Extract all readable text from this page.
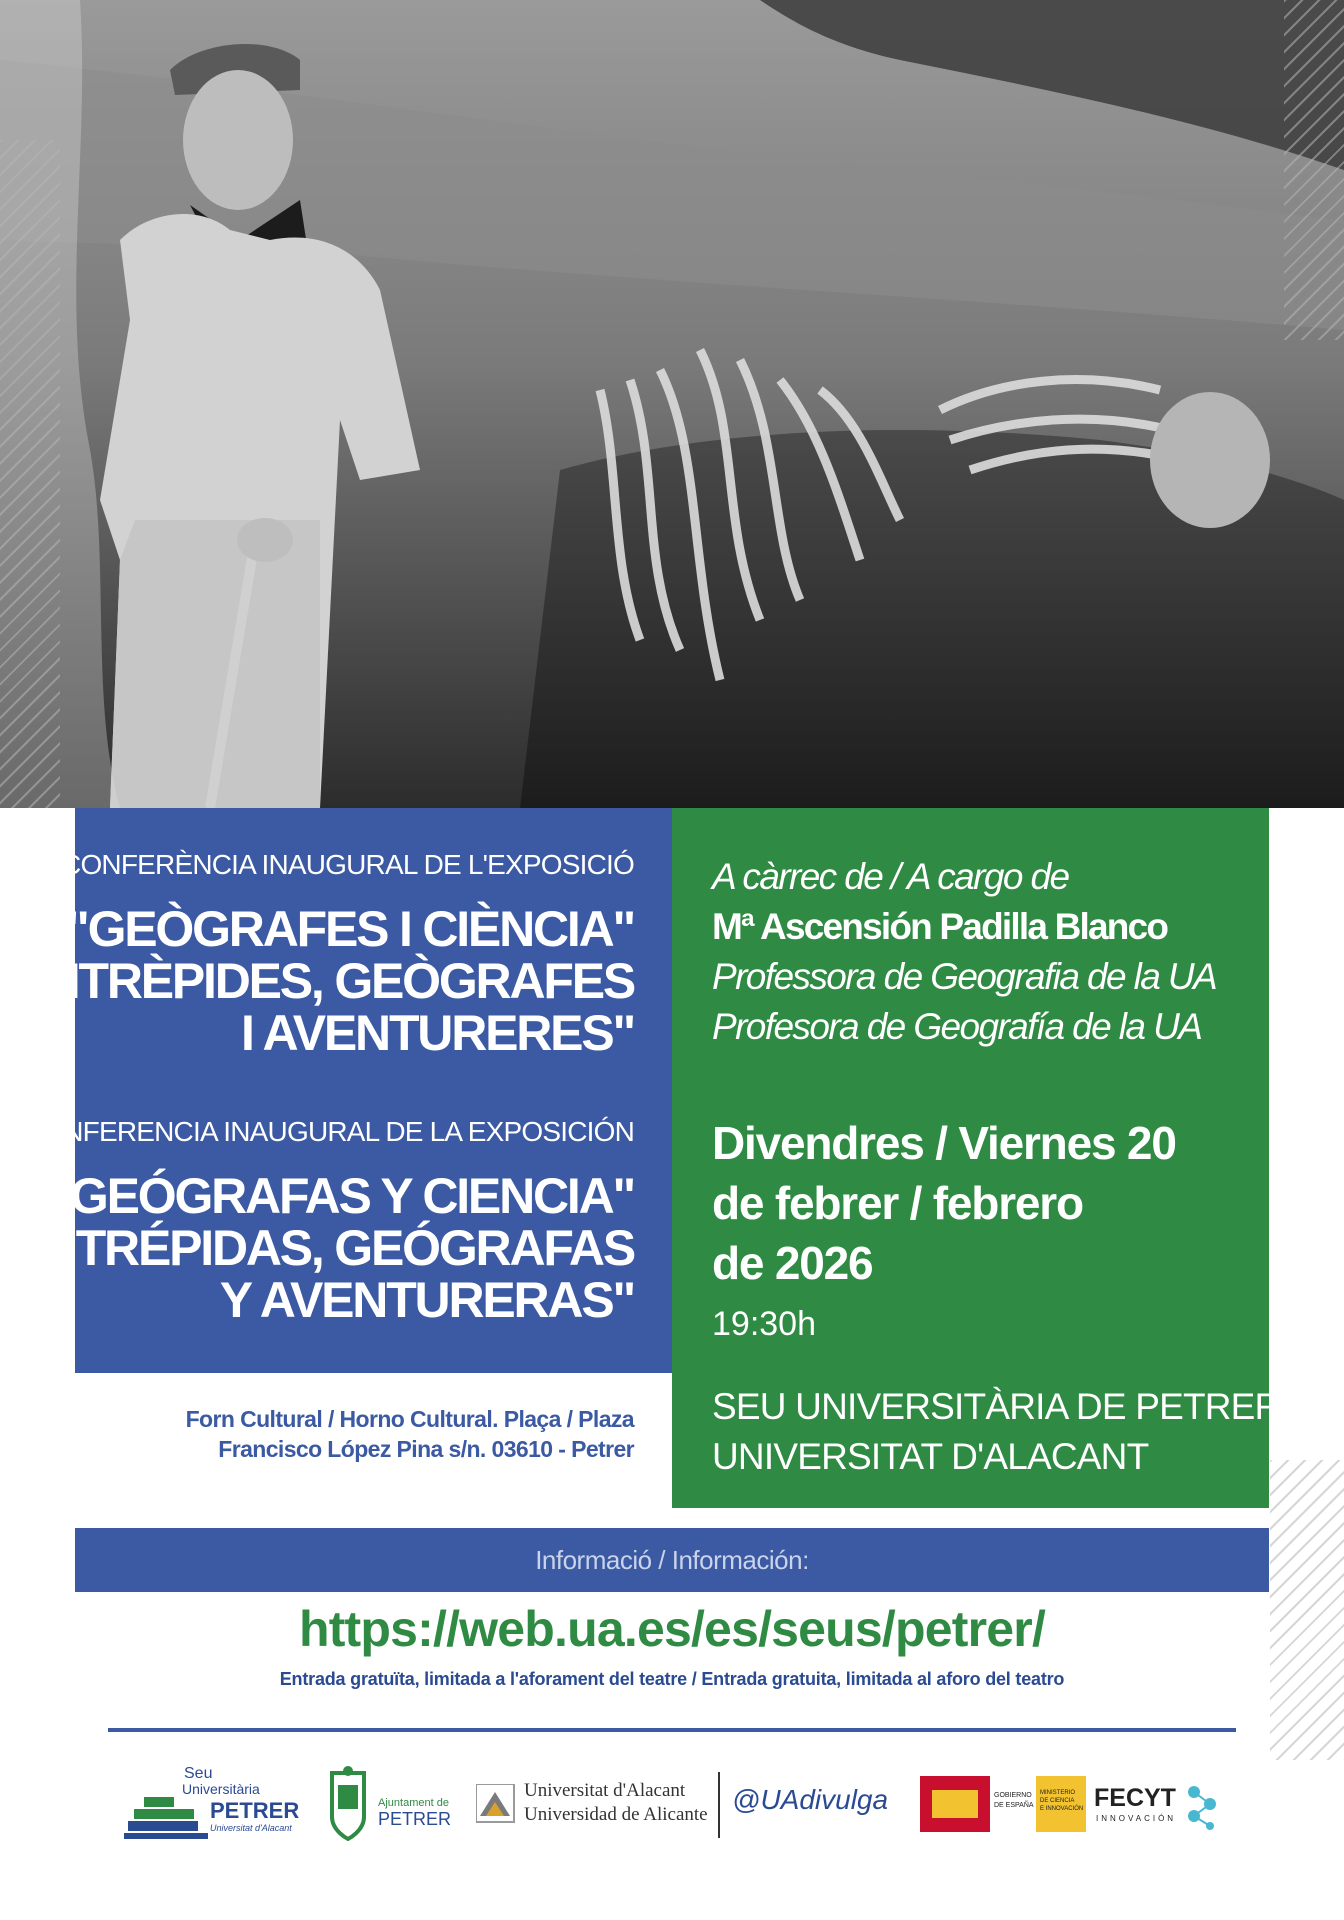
CONFERÈNCIA INAUGURAL DE L'EXPOSICIÓ
"GEÒGRAFES I CIÈNCIA"
"INTRÈPIDES, GEÒGRAFES
I AVENTURERES"
CONFERENCIA INAUGURAL DE LA EXPOSICIÓN
"GEÓGRAFAS Y CIENCIA"
"INTRÉPIDAS, GEÓGRAFAS
Y AVENTURERAS"
A càrrec de / A cargo de
Mª Ascensión Padilla Blanco
Professora de Geografia de la UA
Profesora de Geografía de la UA
Divendres / Viernes 20
de febrer / febrero
de 2026
19:30h
SEU UNIVERSITÀRIA DE PETRER
UNIVERSITAT D'ALACANT
Forn Cultural / Horno Cultural. Plaça / Plaza
Francisco López Pina s/n. 03610 - Petrer
Informació / Información:
https://web.ua.es/es/seus/petrer/
Entrada gratuïta, limitada a l'aforament del teatre / Entrada gratuita, limitada al aforo del teatro
Seu
Universitària
PETRER
Universitat d'Alacant
Ajuntament de
PETRER
Universitat d'Alacant
Universidad de Alicante @UAdivulga	GOBIERNO
DE ESPAÑA
MINISTERIO
DE CIENCIA
E INNOVACIÓN FECYT
INNOVACIÓN
